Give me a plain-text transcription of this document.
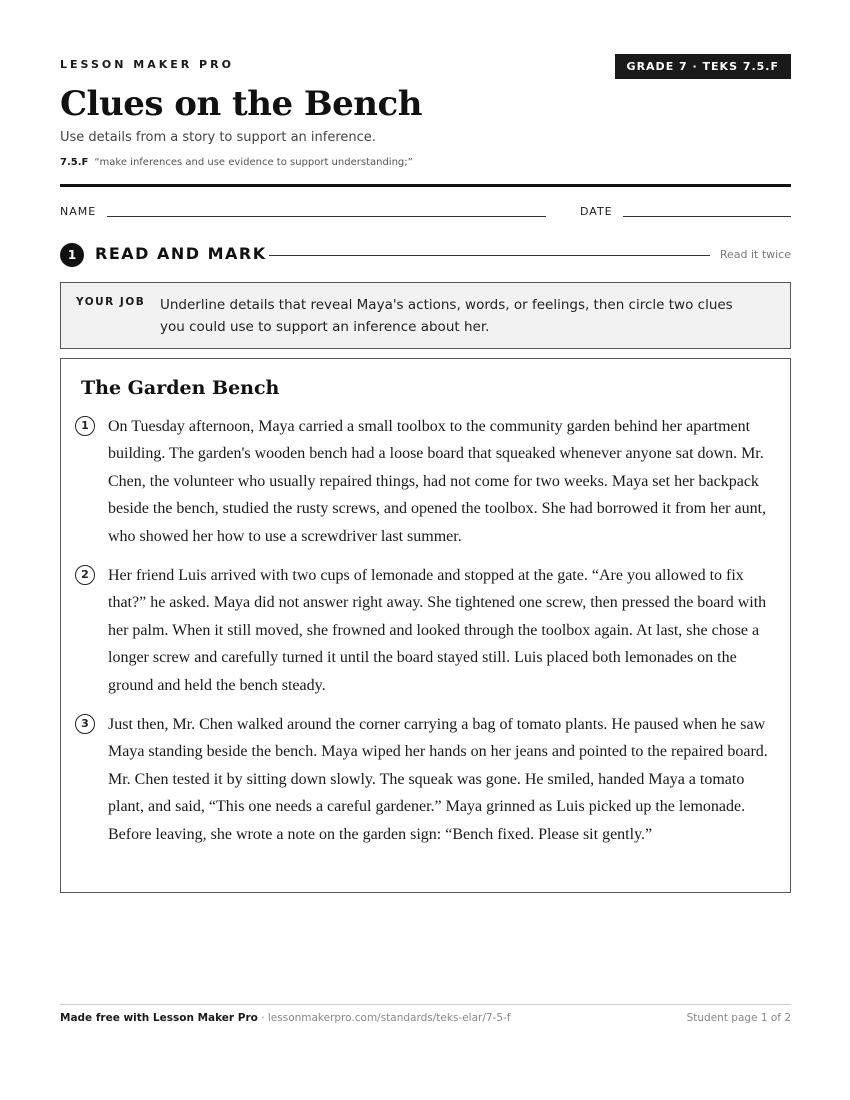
LESSON MAKER PRO	GRADE 7 · TEKS 7.5.F
Clues on the Bench
Use details from a story to support an inference.
7.5.F “make inferences and use evidence to support understanding;”
NAME	DATE
1	READ AND MARK	Read it twice
YOUR JOB Underline details that reveal Maya's actions, words, or feelings, then circle two clues you could use to support an inference about her.
The Garden Bench
1	On Tuesday afternoon, Maya carried a small toolbox to the community garden behind her apartment building. The garden's wooden bench had a loose board that squeaked whenever anyone sat down. Mr. Chen, the volunteer who usually repaired things, had not come for two weeks. Maya set her backpack beside the bench, studied the rusty screws, and opened the toolbox. She had borrowed it from her aunt, who showed her how to use a screwdriver last summer.
2	Her friend Luis arrived with two cups of lemonade and stopped at the gate. “Are you allowed to fix that?” he asked. Maya did not answer right away. She tightened one screw, then pressed the board with her palm. When it still moved, she frowned and looked through the toolbox again. At last, she chose a longer screw and carefully turned it until the board stayed still. Luis placed both lemonades on the ground and held the bench steady.
3	Just then, Mr. Chen walked around the corner carrying a bag of tomato plants. He paused when he saw Maya standing beside the bench. Maya wiped her hands on her jeans and pointed to the repaired board. Mr. Chen tested it by sitting down slowly. The squeak was gone. He smiled, handed Maya a tomato plant, and said, “This one needs a careful gardener.” Maya grinned as Luis picked up the lemonade. Before leaving, she wrote a note on the garden sign: “Bench fixed. Please sit gently.”
Made free with Lesson Maker Pro · lessonmakerpro.com/standards/teks-elar/7-5-f	Student page 1 of 2
